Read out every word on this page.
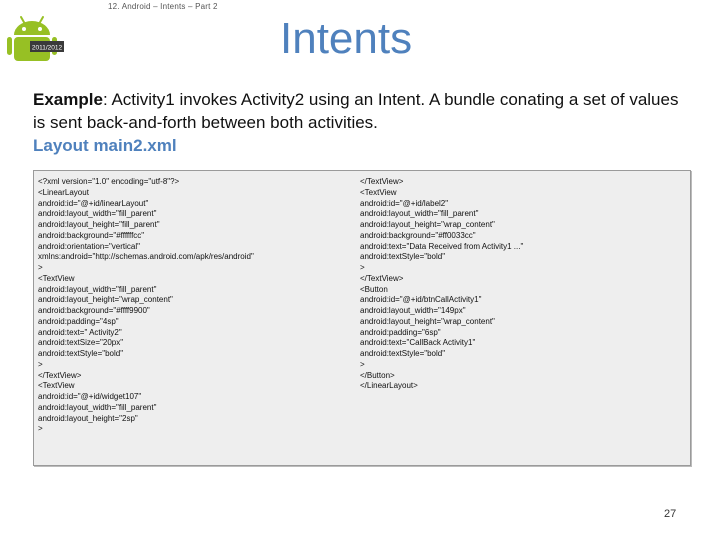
2011/2012
12. Android – Intents – Part 2
Intents
Example: Activity1 invokes Activity2 using an Intent. A bundle conating a set of values is sent back-and-forth between both activities.
Layout main2.xml
<?xml version="1.0" encoding="utf-8"?>
<LinearLayout
android:id="@+id/linearLayout"
android:layout_width="fill_parent"
android:layout_height="fill_parent"
android:background="#ffffffcc"
android:orientation="vertical"
xmlns:android="http://schemas.android.com/apk/res/android"
>
<TextView
android:layout_width="fill_parent"
android:layout_height="wrap_content"
android:background="#ffff9900"
android:padding="4sp"
android:text=" Activity2"
android:textSize="20px"
android:textStyle="bold"
>
</TextView>
<TextView
android:id="@+id/widget107"
android:layout_width="fill_parent"
android:layout_height="2sp"
>
</TextView>
<TextView
android:id="@+id/label2"
android:layout_width="fill_parent"
android:layout_height="wrap_content"
android:background="#ff0033cc"
android:text="Data Received from Activity1 ..."
android:textStyle="bold"
>
</TextView>
<Button
android:id="@+id/btnCallActivity1"
android:layout_width="149px"
android:layout_height="wrap_content"
android:padding="6sp"
android:text="CallBack Activity1"
android:textStyle="bold"
>
</Button>
</LinearLayout>
27
